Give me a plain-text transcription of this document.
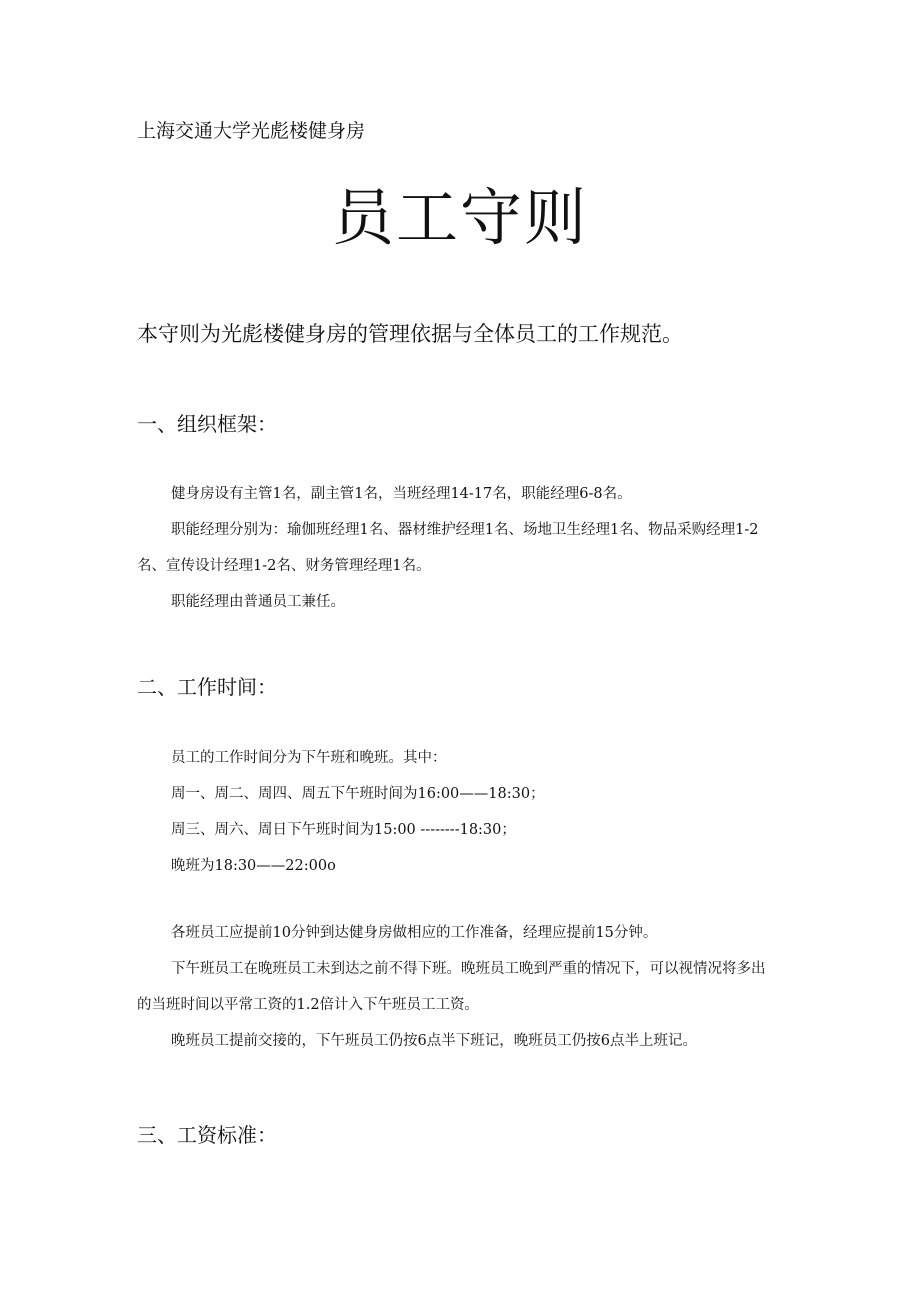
上海交通大学光彪楼健身房
员工守则
本守则为光彪楼健身房的管理依据与全体员工的工作规范。
一、组织框架：

健身房设有主管1名，副主管1名，当班经理14-17名，职能经理6-8名。

职能经理分别为：瑜伽班经理1名、器材维护经理1名、场地卫生经理1名、物品采购经理1-2名、宣传设计经理1-2名、财务管理经理1名。

职能经理由普通员工兼任。

二、工作时间：

员工的工作时间分为下午班和晚班。其中：

周一、周二、周四、周五下午班时间为16:00——18:30；

周三、周六、周日下午班时间为15:00 --------18:30；

晚班为18:30——22:00o

各班员工应提前10分钟到达健身房做相应的工作准备，经理应提前15分钟。

下午班员工在晚班员工未到达之前不得下班。晚班员工晚到严重的情况下，可以视情况将多出的当班时间以平常工资的1.2倍计入下午班员工工资。

晚班员工提前交接的，下午班员工仍按6点半下班记，晚班员工仍按6点半上班记。

三、工资标准：
